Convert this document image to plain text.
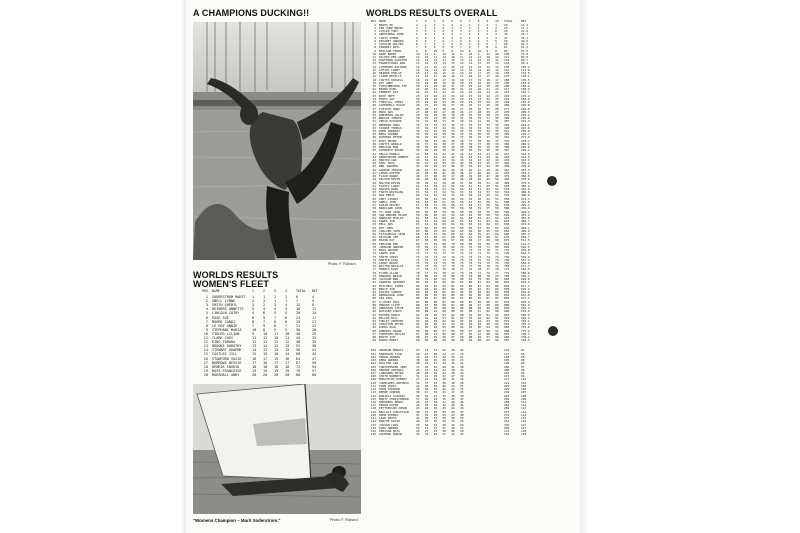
A CHAMPIONS DUCKING!!	WORLDS RESULTS OVERALL
Photo: F. Richard
WORLDS RESULTS
WOMEN'S FLEET
POS NAME	1	2	3	4	TOTAL	NET
1 SODERSTROM MARIT	1	1	2	2	6	4
2 SNELL LYNNE	2	3	1	1	7	5
3 SMITH SHERYL	3	2	3	4	12	8
4 HEIBERG ANNETTE	5	4	4	3	16	11
5 LINCOLN CATHY	4	6	5	5	20	14
6 PAGE SUE	6	5	7	6	24	17
7 MOORE CANDI	8	7	6	8	29	21
8 LE ROY ANNIE	7	9	8	7	31	22
9 STEPHANI MARIA	10	8	9	9	36	26
10 FIDLER LILIAN	9	10	11	10	40	29
11 CLARK JUDY	11	12	10	11	44	32
12 KING TAMARA	12	11	13	12	48	35
13 BROOKE DOROTHY	13	14	12	13	52	38
14 STEWART GRAEME	14	13	14	15	56	41
15 CASTLES JILL	15	15	16	14	60	44
16 STANFORD SUSIE	16	17	15	16	64	47
17 BURROWS BESSIE	17	16	17	17	67	50
18 HENRIK INGRID	18	18	18	18	72	54
19 BOSS FRANCOISE	19	19	19	19	76	57
20 MARSHALL ABBY	20	20	20	20	80	60
"Womens Champion – Marit Soderstrom."	Photo: F. Richard
POS NAME	1	2	3	4	5	6	7	8	9	10	TOTAL	NET
1 BRIES ED	2	1	3	1	2	4	1	3	2	1	20	14.4
2 DEN OUDE BRIEL	1	3	2	4	1	2	3	1	4	2	23	17.1
3 CUTLER TONY	3	2	1	2	5	3	2	4	1	6	29	21.0
4 ARMSTRONG JOHN	5	4	6	3	3	1	4	2	5	3	36	26.7
5 LOUIS SIMON	4	6	4	5	4	6	5	6	3	4	47	35.1
6 DEVANEY ANDREW	6	5	7	6	7	5	6	5	7	5	59	44.6
7 SCHALOR WALTER	8	7	5	7	6	8	7	8	6	7	69	52.3
8 PINKNEY NEIL	7	9	8	9	8	7	9	7	8	9	81	61.2
9 NEILSON TERRY	9	8	10	8	9	10	8	10	9	8	89	67.5
10 KANE BARRY	10	11	9	10	11	9	10	9	11	10	100	75.8
11 KILDER-PER ARNE	12	10	11	12	10	11	12	11	10	12	111	84.0
12 KAUFMANN KARSTEN	11	12	12	11	12	13	11	12	13	11	118	89.7
13 FRANKTCHARS RON	13	14	13	14	13	12	14	13	12	14	132	99.4
14 CLEMENTS RICHARD	14	13	15	13	15	14	13	15	14	13	139	105.2
15 LOFTUS LARRY	16	15	14	16	14	15	16	14	16	15	151	113.9
16 REINER PHILIP	15	17	16	15	17	16	15	17	15	16	159	119.8
17 CLARK NEVILLE	17	16	17	18	16	17	18	16	17	18	170	128.1
18 COUTTS RUSSELL	18	19	18	17	19	18	17	19	18	17	180	135.5
19 ROY ANDY	19	18	20	19	18	20	19	18	20	19	190	143.0
20 FLESCHBEUTER STE	20	21	19	20	21	19	20	21	19	20	200	150.6
21 BRINK HANS	22	20	21	22	20	21	22	20	21	22	211	158.9
22 KENNEDY PAT	21	22	23	21	22	23	21	22	23	21	219	164.7
23 BOYE HOFF	23	23	22	23	24	22	23	24	22	23	229	172.4
24 MOSES GUY	24	25	24	25	23	24	25	23	24	25	242	182.0
25 TONSTALL CHRIS	25	24	26	24	25	26	24	25	26	24	249	187.6
26 SCHERMOLL PAULE	26	27	25	26	27	25	26	27	25	26	260	195.8
27 FLEISCH HANS	28	26	27	28	26	27	28	26	27	28	271	204.0
28 MAHU GUS	27	28	28	27	28	29	27	28	29	27	278	209.5
29 ROBINSON COLIN	29	30	29	29	30	28	29	30	28	29	291	219.2
30 BRUGGE JORGEN	30	29	31	30	29	31	30	29	31	30	300	226.0
31 VERSO RICHARD	31	31	30	31	31	30	31	31	30	31	307	231.3
32 WEDBERG HANS	32	33	32	33	32	32	33	32	33	32	324	244.1
33 STARKE THOMAS	33	32	33	32	34	33	32	34	32	33	328	247.0
34 ZOHN ANDREAS	34	34	35	34	33	34	35	33	34	35	341	256.9
35 BERG TORBEN	35	36	34	35	36	35	34	36	35	34	350	263.7
36 WUTHERS PETER	36	35	36	37	35	37	36	35	37	36	361	271.9
37 ROSS PETER	37	38	37	36	38	36	37	38	36	37	370	278.7
38 COUTTS GERALD	38	37	39	38	37	38	39	37	38	39	380	286.2
39 MERCIAN BOB	40	39	38	39	40	39	38	40	39	38	390	293.8
40 SCHWARTZ ROGER	39	40	40	40	39	40	40	39	40	40	397	299.1
41 HELLO MONICA	41	42	41	42	41	42	41	42	41	42	415	312.6
42 DERBYSHIRE ROBERT	42	41	43	41	42	41	43	41	43	41	418	314.9
43 MARTIN IAN	43	44	42	43	44	43	42	43	42	44	430	323.9
44 KARL KEIS	44	43	44	45	43	44	45	44	45	43	440	331.4
45 BEN JORGENS	45	46	45	44	46	45	44	45	44	46	450	339.0
46 GARBOR JORGEN	46	45	47	46	45	47	46	47	46	45	461	347.3
47 LEMAR PIETER	47	48	46	47	48	46	47	46	48	47	470	354.1
48 FLIAH DRAKE	48	47	48	49	47	48	49	48	47	48	479	360.8
49 KELSON KEVIN	49	50	49	48	50	49	48	50	49	50	492	370.6
50 WOLTON KEVIN	50	49	51	50	49	51	50	49	51	49	499	375.9
51 FLEXIS LARRY	52	51	50	51	52	50	51	52	50	51	510	384.2
52 HAUSER HANS	51	52	52	53	51	52	53	51	52	52	519	391.0
53 FARTH WOLFGANG	53	54	53	52	54	53	52	54	53	54	532	400.8
54 ODA KENJI	54	53	55	54	53	55	54	53	55	53	539	406.0
55 VERY STUART	55	56	54	55	56	54	55	56	54	55	550	414.3
56 SNELL TONY	56	55	56	57	55	56	57	55	56	57	560	421.8
57 KLEIN HELMUT	57	58	57	56	58	57	56	57	58	56	570	429.4
58 BRADLAND JOHN	58	57	59	58	57	59	58	59	57	58	580	436.9
59 ST-JEAN JEAN	60	59	58	59	60	58	59	58	59	60	590	444.4
60 VAN BREUER HILDE	59	60	60	61	59	60	61	60	60	59	599	451.2
61 BUNDISH PHILIP	61	62	61	60	62	61	60	62	61	62	612	461.0
62 DAWES IAN	62	61	63	62	61	63	62	61	63	61	619	466.3
63 BELL ANS	63	64	62	63	64	62	63	64	62	63	630	474.6
64 ROY JOHN	64	63	64	65	63	64	65	63	64	65	640	482.1
65 CARLSEN JOHN	65	66	65	64	66	65	64	66	65	64	650	489.6
66 FITZGERALD SEAN	66	65	67	66	65	67	66	65	67	66	660	497.2
67 DICKSON JIM	68	67	66	67	68	66	67	68	66	67	670	504.7
68 MAXON RAY	67	68	68	69	67	68	69	67	68	68	679	511.5
69 PERSSON ERK	69	70	69	68	70	69	68	70	69	70	692	521.3
70 JOHNSON ANDERS	70	69	71	70	69	71	70	69	71	69	699	526.5
71 BOSS GRAHAM	71	72	70	71	72	70	71	72	70	71	710	534.8
72 LEWIS IAN	72	71	72	73	71	72	73	71	72	73	720	542.4
73 SMITH CHRIS	73	74	73	72	74	73	72	73	74	72	730	549.9
74 MARTIN DIEG	74	73	75	74	73	75	74	75	73	74	740	557.4
75 KIRBY BRUCE	75	76	74	75	76	74	75	74	75	76	750	565.0
76 WITTEN NEVILLE	76	75	76	77	75	76	77	76	76	75	759	571.7
77 MORRIS DAVE	77	78	77	76	78	77	76	78	77	78	772	581.5
78 FLYNN ALLAN	78	77	79	78	77	79	78	77	79	77	779	586.8
79 EDWARDS BRIAN	79	80	78	79	80	78	79	80	78	79	790	595.1
80 JACKSON BOB	80	79	80	81	79	80	81	79	80	81	800	602.6
81 SANDERS ANTHONY	81	82	81	80	82	81	80	81	82	80	810	610.2
82 MITCHELL JAMES	82	81	83	82	81	83	82	83	81	82	820	617.7
83 BRUCE IAN	83	84	82	83	84	82	83	82	83	84	830	625.2
84 DAVIDS SANDRA	84	83	84	85	83	84	85	84	84	83	839	632.0
85 BERNDSSON JOHN	85	86	85	84	86	85	84	86	85	86	852	641.8
86 DEA PAUL	86	85	87	86	85	87	86	85	87	85	859	647.1
87 O'LEARY PAUL	87	88	86	87	88	86	87	88	86	87	870	655.4
88 HOWARD CLIVE	88	87	88	89	87	88	89	87	88	89	880	662.9
89 ANDERSON STEVE	89	90	89	88	90	89	88	89	90	88	890	670.4
90 BLESSEM CHRIS	90	89	91	90	89	91	90	91	89	90	900	678.0
91 KOCHER MARCO	91	92	90	91	92	90	91	90	91	92	910	685.5
92 MILLER BILL	92	91	92	93	91	92	93	92	92	91	919	692.3
93 FURLEY ANTHONY	93	94	93	92	94	93	92	94	93	94	932	702.1
94 STRATTON PETER	94	93	95	94	93	95	94	93	95	93	939	707.3
95 KOONS PAUL	95	96	94	95	96	94	95	96	94	95	950	715.6
96 ROBERTS FRANK	96	95	96	97	95	96	97	95	96	97	960	723.2
97 THOMPSON PHILIP	97	98	97	96	98	97	96	97	98	96	970	730.7
98 BOOTH JIM	98	97	99	98	97	99	98	99	97	98	980	738.2
99 WOODS ERNST	99	99	98	99	99	98	99	98	99	99	987	743.5
100 ARONSON BENGTS	23	14	31	22	28	42	175	81
101 HABERSON STAN	30	25	28	34	27	33	177	84
102 HOMAN ANDREW	32	18	47	30	35	21	183	88
103 KERR ANDREA	38	40	26	29	39	23	195	88
104 MACLEAN IAN	28	24	37	44	25	41	199	90
105 CHRISTENSEN JENS	33	36	20	48	31	38	206	97
106 HERNER ANTONIO	25	33	42	24	38	44	206	98
107 LUNDGREN PETER	40	28	35	31	36	40	210	99
108 SMITH ROBERTO	31	41	29	33	47	32	213	99
109 MORAVICHO ROBERT	27	44	39	30	41	36	217	101
110 CHAMLAMES ANTONIO	34	37	43	38	30	39	221	101
111 FINN CHRIS	42	30	36	46	34	37	225	102
112 ZOHN STEPHAN	36	39	45	32	42	35	229	105
113 BEHRE GORMAN	39	47	30	41	37	45	239	107
114 BORIOLI CLAUDIO	44	34	41	39	48	38	244	108
115 MARTY CHRISTOPHER	37	46	44	35	45	43	250	109
116 NORDBERG BENGT	45	42	38	47	40	46	258	111
117 ERGUN DUYEN	46	38	48	42	46	44	264	112
118 PETTERSSON JOHAN	43	48	40	45	44	49	269	113
119 BELLUCI CHRISTIAN	48	43	46	40	49	47	273	114
120 HAHN THOMAS	47	45	49	43	43	48	275	114
121 LEAH KEITH	41	49	34	49	50	50	273	115
122 MARCHE DAVID	49	35	50	50	33	34	251	116
123 JOSSON LARS	35	50	33	36	32	50	236	117
124 KING ANDREW	50	31	27	37	29	31	205	117
125 PERSSON MATS	29	27	32	28	26	30	172	118
126 GOLBERG ROBIN	26	32	25	27	24	29	163	118
